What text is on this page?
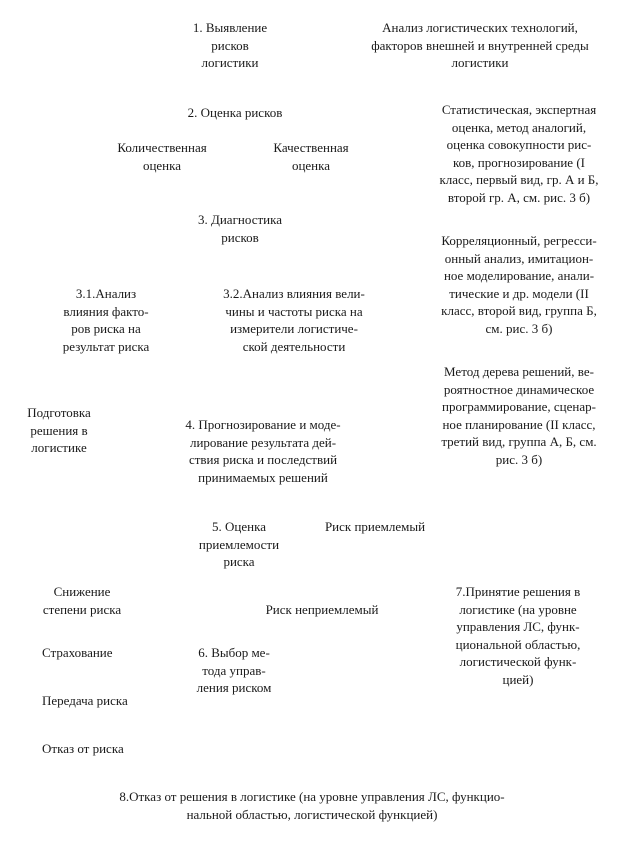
1. Выявление
рисков
логистики
Анализ логистических технологий,
факторов внешней и внутренней среды
логистики
2. Оценка рисков	Статистическая, экспертная
оценка, метод аналогий,
оценка совокупности рис-
ков, прогнозирование (I
класс, первый вид, гр. А и Б,
второй гр. А, см. рис. 3 б)
Количественная
оценка
Качественная
оценка
3. Диагностика
рисков	Корреляционный, регресси-
онный анализ, имитацион-
ное моделирование, анали-
тические и др. модели (II
класс, второй вид, группа Б,
см. рис. 3 б)
3.1.Анализ
влияния факто-
ров риска на
результат риска
3.2.Анализ влияния вели-
чины и частоты риска на
измерители логистиче-
ской деятельности
Метод дерева решений, ве-
роятностное динамическое
программирование, сценар-
ное планирование (II класс,
третий вид, группа А, Б, см.
рис. 3 б)
Подготовка
решения в
логистике
4. Прогнозирование и моде-
лирование результата дей-
ствия риска и последствий
принимаемых решений
5. Оценка
приемлемости
риска
Риск приемлемый
Снижение
степени риска	Риск неприемлемый
7.Принятие решения в
логистике (на уровне
управления ЛС, функ-
циональной областью,
логистической функ-
цией)
Страхование	6. Выбор ме-
тода управ-
ления риском
Передача риска
Отказ от риска
8.Отказ от решения в логистике (на уровне управления ЛС, функцио-
нальной областью, логистической функцией)
